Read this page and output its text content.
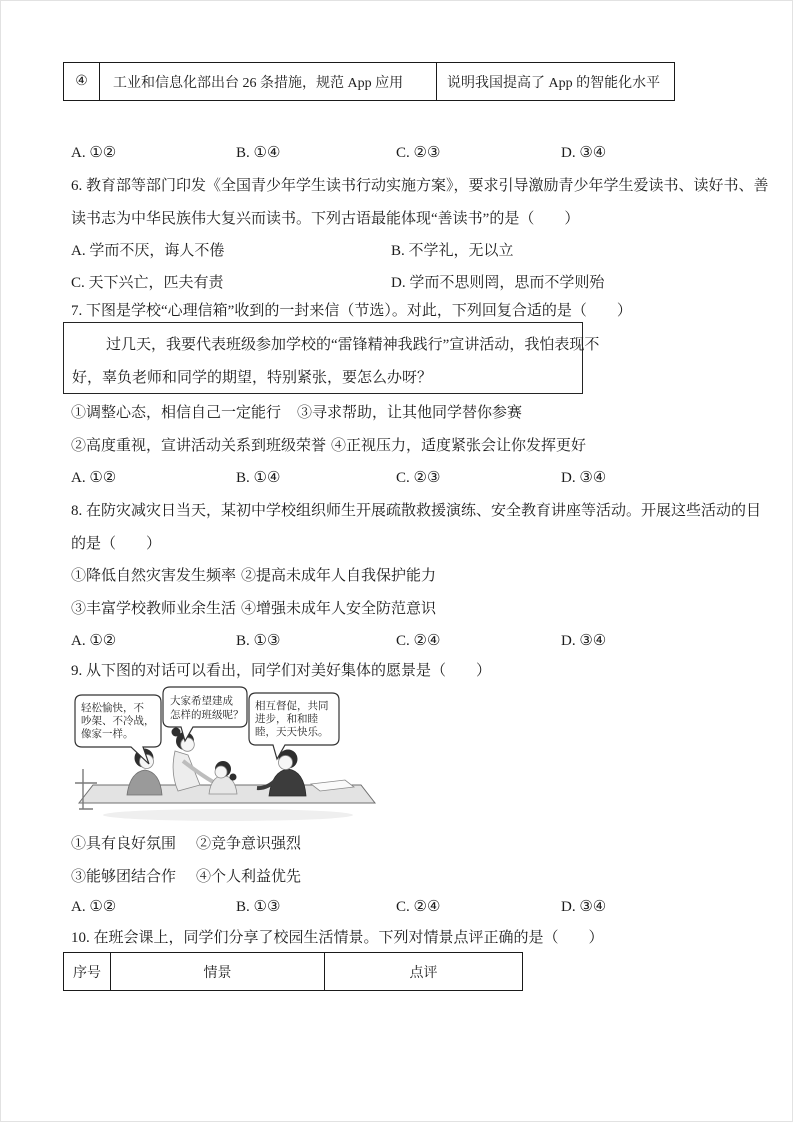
④	工业和信息化部出台 26 条措施，规范 App 应用	说明我国提高了 App 的智能化水平

A. ①②

	B. ①④

	C. ②③

	D. ③④

6. 教育部等部门印发《全国青少年学生读书行动实施方案》，要求引导激励青少年学生爱读书、读好书、善
读书志为中华民族伟大复兴而读书。下列古语最能体现“善读书”的是（　　）

A. 学而不厌，诲人不倦

	B. 不学礼，无以立

C. 天下兴亡，匹夫有责

	D. 学而不思则罔，思而不学则殆

7. 下图是学校“心理信箱”收到的一封来信（节选）。对此，下列回复合适的是（　　）
过几天，我要代表班级参加学校的“雷锋精神我践行”宣讲活动，我怕表现不
好，辜负老师和同学的期望，特别紧张，要怎么办呀？

①调整心态，相信自己一定能行

③寻求帮助，让其他同学替你参赛

②高度重视，宣讲活动关系到班级荣誉

④正视压力，适度紧张会让你发挥更好

A. ①②

	B. ①④

	C. ②③

	D. ③④

8. 在防灾减灾日当天，某初中学校组织师生开展疏散救援演练、安全教育讲座等活动。开展这些活动的目
的是（　　）

①降低自然灾害发生频率

②提高未成年人自我保护能力

③丰富学校教师业余生活

④增强未成年人安全防范意识

A. ①②

	B. ①③

	C. ②④

	D. ③④

9. 从下图的对话可以看出，同学们对美好集体的愿景是（　　）
轻松愉快，不
吵架、不冷战，
像家一样。
大家希望建成
怎样的班级呢？
相互督促，共同
进步，和和睦
睦，天天快乐。

①具有良好氛围

②竞争意识强烈

③能够团结合作

④个人利益优先

A. ①②

	B. ①③

	C. ②④

	D. ③④

10. 在班会课上，同学们分享了校园生活情景。下列对情景点评正确的是（　　）
序号	情景	点评
